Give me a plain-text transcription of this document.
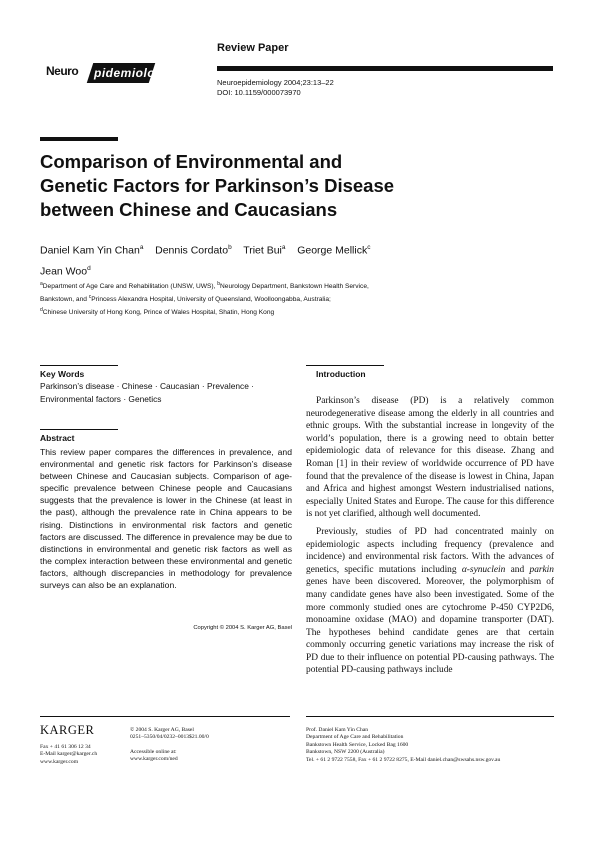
Review Paper
Neuro pidemiology
Neuroepidemiology 2004;23:13–22
DOI: 10.1159/000073970
Comparison of Environmental and
Genetic Factors for Parkinson’s Disease
between Chinese and Caucasians
Daniel Kam Yin Chan$^a$ Dennis Cordato$^b$ Triet Bui$^a$ George Mellick$^c$
Jean Woo$^d$
$^a$Department of Age Care and Rehabilitation (UNSW, UWS), $^b$Neurology Department, Bankstown Health Service,
Bankstown, and $^c$Princess Alexandra Hospital, University of Queensland, Woolloongabba, Australia;
$^d$Chinese University of Hong Kong, Prince of Wales Hospital, Shatin, Hong Kong
Key Words
Parkinson’s disease · Chinese · Caucasian · Prevalence ·
Environmental factors · Genetics
Abstract
This review paper compares the differences in prevalence, and environmental and genetic risk factors for Parkinson’s disease between Chinese and Caucasian subjects. Comparison of age-specific prevalence between Chinese people and Caucasians suggests that the prevalence is lower in the Chinese (at least in the past), although the prevalence rate in China appears to be rising. Distinctions in environmental risk factors and genetic factors are discussed. The difference in prevalence may be due to distinctions in environmental and genetic risk factors as well as the complex interaction between these environmental and genetic factors, although discrepancies in methodology for prevalence surveys can also be an explanation.
Copyright © 2004 S. Karger AG, Basel
Introduction

Parkinson’s disease (PD) is a relatively common neurodegenerative disease among the elderly in all countries and ethnic groups. With the substantial increase in longevity of the world’s population, there is a growing need to obtain better epidemiologic data of relevance for this disease. Zhang and Roman [1] in their review of worldwide occurrence of PD have found that the prevalence of the disease is lowest in China, Japan and Africa and highest amongst Western industrialised nations, especially United States and Europe. The cause for this difference is not yet clarified, although well documented.

Previously, studies of PD had concentrated mainly on epidemiologic aspects including frequency (prevalence and incidence) and environmental risk factors. With the advances of genetics, specific mutations including α-synuclein and parkin genes have been discovered. Moreover, the polymorphism of many candidate genes have also been investigated. Some of the more commonly studied ones are cytochrome P-450 CYP2D6, monoamine oxidase (MAO) and dopamine transporter (DAT). The hypotheses behind candidate genes are that certain commonly occurring genetic variations may increase the risk of PD due to their influence on potential PD-causing pathways. The potential PD-causing pathways include

KARGER
Fax + 41 61 306 12 34
E-Mail karger@karger.ch
www.karger.com
© 2004 S. Karger AG, Basel
0251–5350/04/0232–0013$21.00/0
Accessible online at:
www.karger.com/ned
Prof. Daniel Kam Yin Chan
Department of Age Care and Rehabilitation
Bankstown Health Service, Locked Bag 1600
Bankstown, NSW 2200 (Australia)
Tel. + 61 2 9722 7558, Fax + 61 2 9722 8275, E-Mail daniel.chan@swsahs.nsw.gov.au
